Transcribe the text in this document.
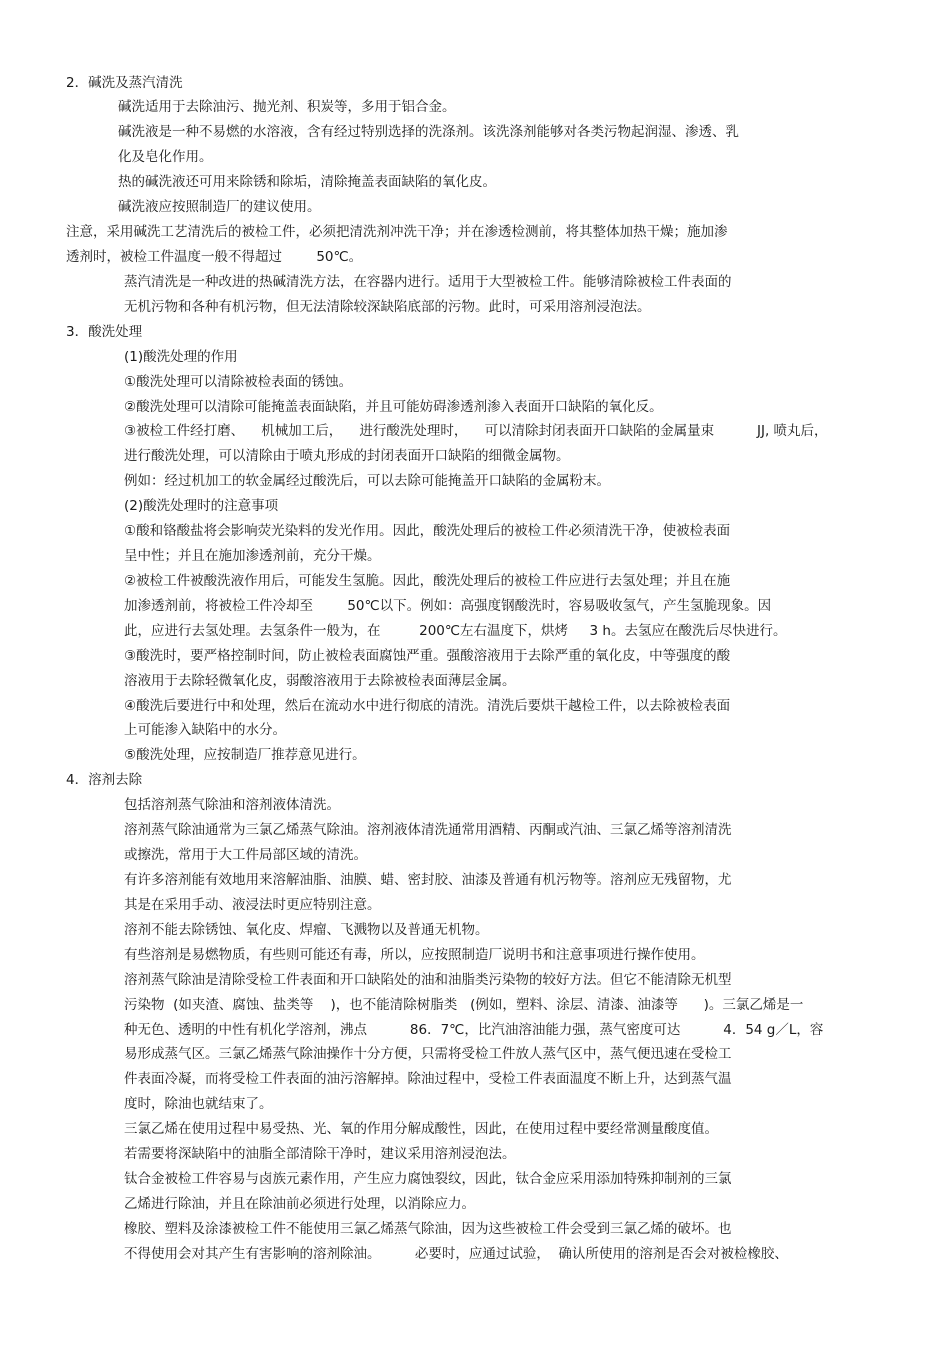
2．碱洗及蒸汽清洗
碱洗适用于去除油污、抛光剂、积炭等，多用于铝合金。
碱洗液是一种不易燃的水溶液，含有经过特别选择的洗涤剂。该洗涤剂能够对各类污物起润湿、渗透、乳
化及皂化作用。
热的碱洗液还可用来除锈和除垢，清除掩盖表面缺陷的氧化皮。
碱洗液应按照制造厂的建议使用。
注意，采用碱洗工艺清洗后的被检工件，必须把清洗剂冲洗干净；并在渗透检测前，将其整体加热干燥；施加渗
透剂时，被检工件温度一般不得超过        50℃。
蒸汽清洗是一种改进的热碱清洗方法，在容器内进行。适用于大型被检工件。能够清除被检工件表面的
无机污物和各种有机污物，但无法清除较深缺陷底部的污物。此时，可采用溶剂浸泡法。
3．酸洗处理
(1)酸洗处理的作用
①酸洗处理可以清除被检表面的锈蚀。
②酸洗处理可以清除可能掩盖表面缺陷，并且可能妨碍渗透剂渗入表面开口缺陷的氧化反。
③被检工件经打磨、    机械加工后，    进行酸洗处理时，    可以清除封闭表面开口缺陷的金属量束          JJ, 喷丸后，
进行酸洗处理，可以清除由于喷丸形成的封闭表面开口缺陷的细微金属物。
例如：经过机加工的软金属经过酸洗后，可以去除可能掩盖开口缺陷的金属粉末。
(2)酸洗处理时的注意事项
①酸和铬酸盐将会影响荧光染料的发光作用。因此，酸洗处理后的被检工件必须清洗干净，使被检表面
呈中性；并且在施加渗透剂前，充分干燥。
②被检工件被酸洗液作用后，可能发生氢脆。因此，酸洗处理后的被检工件应进行去氢处理；并且在施
加渗透剂前，将被检工件冷却至        50℃以下。例如：高强度钢酸洗时，容易吸收氢气，产生氢脆现象。因
此，应进行去氢处理。去氢条件一般为，在         200℃左右温度下，烘烤     3 h。去氢应在酸洗后尽快进行。
③酸洗时，要严格控制时间，防止被检表面腐蚀严重。强酸溶液用于去除严重的氧化皮，中等强度的酸
溶液用于去除轻微氧化皮，弱酸溶液用于去除被检表面薄层金属。
④酸洗后要进行中和处理，然后在流动水中进行彻底的清洗。清洗后要烘干越检工件，以去除被检表面
上可能渗入缺陷中的水分。
⑤酸洗处理，应按制造厂推荐意见进行。
4．溶剂去除
包括溶剂蒸气除油和溶剂液体清洗。
溶剂蒸气除油通常为三氯乙烯蒸气除油。溶剂液体清洗通常用酒精、丙酮或汽油、三氯乙烯等溶剂清洗
或擦洗，常用于大工件局部区域的清洗。
有许多溶剂能有效地用来溶解油脂、油膜、蜡、密封胶、油漆及普通有机污物等。溶剂应无残留物，尤
其是在采用手动、液浸法时更应特别注意。
溶剂不能去除锈蚀、氧化皮、焊瘤、飞溅物以及普通无机物。
有些溶剂是易燃物质，有些则可能还有毒，所以，应按照制造厂说明书和注意事项进行操作使用。
溶剂蒸气除油是清除受检工件表面和开口缺陷处的油和油脂类污染物的较好方法。但它不能清除无机型
污染物  (如夹渣、腐蚀、盐类等    )，也不能清除树脂类   (例如，塑料、涂层、清漆、油漆等      )。三氯乙烯是一
种无色、透明的中性有机化学溶剂，沸点          86．7℃，比汽油溶油能力强，蒸气密度可达          4．54 g／L，容
易形成蒸气区。三氯乙烯蒸气除油操作十分方便，只需将受检工件放人蒸气区中，蒸气便迅速在受检工
件表面冷凝，而将受检工件表面的油污溶解掉。除油过程中，受检工件表面温度不断上升，达到蒸气温
度时，除油也就结束了。
三氯乙烯在使用过程中易受热、光、氧的作用分解成酸性，因此，在使用过程中要经常测量酸度值。
若需要将深缺陷中的油脂全部清除干净时，建议采用溶剂浸泡法。
钛合金被检工件容易与卤族元素作用，产生应力腐蚀裂纹，因此，钛合金应采用添加特殊抑制剂的三氯
乙烯进行除油，并且在除油前必须进行处理，以消除应力。
橡胶、塑料及涂漆被检工件不能使用三氯乙烯蒸气除油，因为这些被检工件会受到三氯乙烯的破坏。也
不得使用会对其产生有害影响的溶剂除油。        必要时，应通过试验，  确认所使用的溶剂是否会对被检橡胶、
